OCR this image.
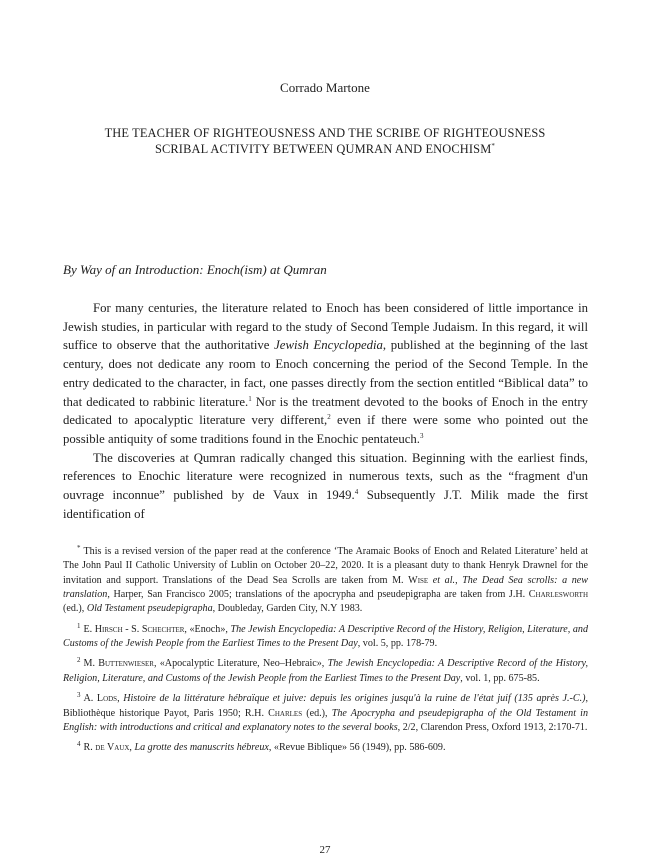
Corrado Martone
THE TEACHER OF RIGHTEOUSNESS AND THE SCRIBE OF RIGHTEOUSNESS
SCRIBAL ACTIVITY BETWEEN QUMRAN AND ENOCHISM*
By Way of an Introduction: Enoch(ism) at Qumran

For many centuries, the literature related to Enoch has been considered of little importance in Jewish studies, in particular with regard to the study of Second Temple Judaism. In this regard, it will suffice to observe that the authoritative Jewish Encyclopedia, published at the beginning of the last century, does not dedicate any room to Enoch concerning the period of the Second Temple. In the entry dedicated to the character, in fact, one passes directly from the section entitled “Biblical data” to that dedicated to rabbinic literature.$^1$ Nor is the treatment devoted to the books of Enoch in the entry dedicated to apocalyptic literature very different,$^2$ even if there were some who pointed out the possible antiquity of some traditions found in the Enochic pentateuch.$^3$

The discoveries at Qumran radically changed this situation. Beginning with the earliest finds, references to Enochic literature were recognized in numerous texts, such as the “fragment d'un ouvrage inconnue” published by de Vaux in 1949.$^4$ Subsequently J.T. Milik made the first identification of

* This is a revised version of the paper read at the conference ‘The Aramaic Books of Enoch and Related Literature’ held at The John Paul II Catholic University of Lublin on October 20–22, 2020. It is a pleasant duty to thank Henryk Drawnel for the invitation and support. Translations of the Dead Sea Scrolls are taken from M. Wise et al., The Dead Sea scrolls: a new translation, Harper, San Francisco 2005; translations of the apocrypha and pseudepigrapha are taken from J.H. Charlesworth (ed.), Old Testament pseudepigrapha, Doubleday, Garden City, N.Y 1983.

$^1$ E. Hirsch - S. Schechter, «Enoch», The Jewish Encyclopedia: A Descriptive Record of the History, Religion, Literature, and Customs of the Jewish People from the Earliest Times to the Present Day, vol. 5, pp. 178-79.

$^2$ M. Buttenwieser, «Apocalyptic Literature, Neo–Hebraic», The Jewish Encyclopedia: A Descriptive Record of the History, Religion, Literature, and Customs of the Jewish People from the Earliest Times to the Present Day, vol. 1, pp. 675-85.

$^3$ A. Lods, Histoire de la littérature hébraïque et juive: depuis les origines jusqu'à la ruine de l'état juif (135 après J.-C.), Bibliothèque historique Payot, Paris 1950; R.H. Charles (ed.), The Apocrypha and pseudepigrapha of the Old Testament in English: with introductions and critical and explanatory notes to the several books, 2/2, Clarendon Press, Oxford 1913, 2:170-71.

$^4$ R. de Vaux, La grotte des manuscrits hébreux, «Revue Biblique» 56 (1949), pp. 586-609.

27
